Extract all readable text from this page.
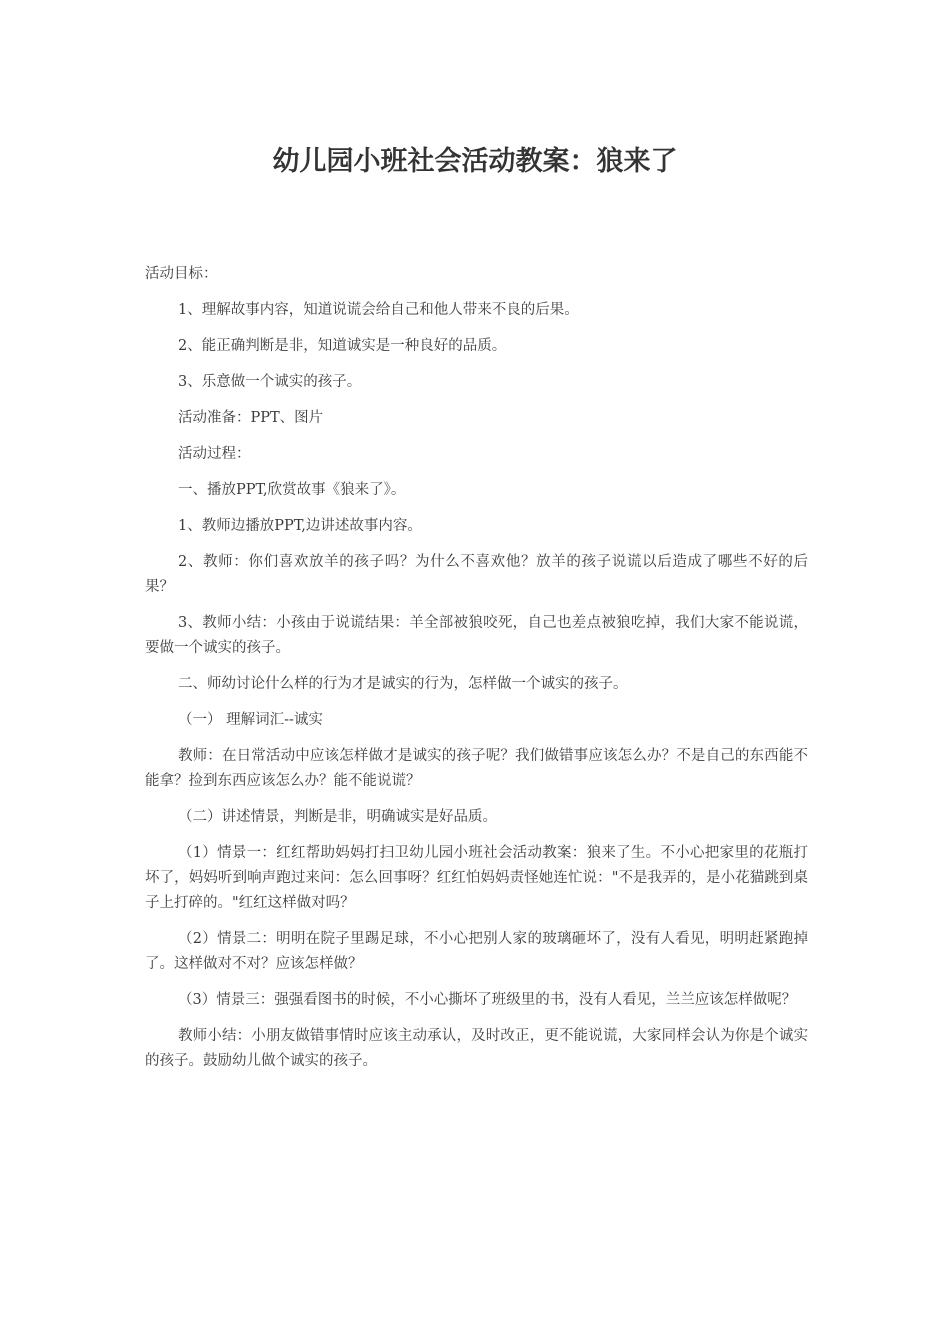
幼儿园小班社会活动教案：狼来了

活动目标：

1、理解故事内容，知道说谎会给自己和他人带来不良的后果。

2、能正确判断是非，知道诚实是一种良好的品质。

3、乐意做一个诚实的孩子。

活动准备：PPT、图片

活动过程：

一、播放PPT,欣赏故事《狼来了》。

1、教师边播放PPT,边讲述故事内容。

2、教师：你们喜欢放羊的孩子吗？为什么不喜欢他？放羊的孩子说谎以后造成了哪些不好的后果？

3、教师小结：小孩由于说谎结果：羊全部被狼咬死，自己也差点被狼吃掉，我们大家不能说谎，要做一个诚实的孩子。

二、师幼讨论什么样的行为才是诚实的行为，怎样做一个诚实的孩子。

（一） 理解词汇--诚实

教师：在日常活动中应该怎样做才是诚实的孩子呢？我们做错事应该怎么办？不是自己的东西能不能拿？捡到东西应该怎么办？能不能说谎？

（二）讲述情景，判断是非，明确诚实是好品质。

（1）情景一：红红帮助妈妈打扫卫幼儿园小班社会活动教案：狼来了生。不小心把家里的花瓶打坏了，妈妈听到响声跑过来问：怎么回事呀？红红怕妈妈责怪她连忙说："不是我弄的，是小花猫跳到桌子上打碎的。"红红这样做对吗？

（2）情景二：明明在院子里踢足球，不小心把别人家的玻璃砸坏了，没有人看见，明明赶紧跑掉了。这样做对不对？应该怎样做？

（3）情景三：强强看图书的时候，不小心撕坏了班级里的书，没有人看见，兰兰应该怎样做呢？

教师小结：小朋友做错事情时应该主动承认，及时改正，更不能说谎，大家同样会认为你是个诚实的孩子。鼓励幼儿做个诚实的孩子。
